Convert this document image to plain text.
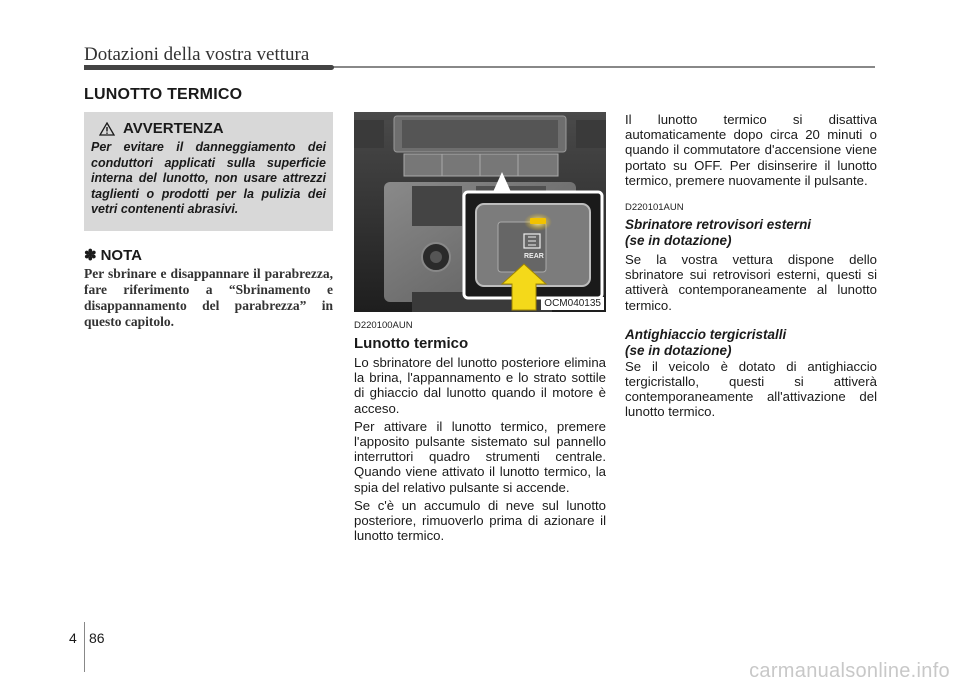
Dotazioni della vostra vettura
LUNOTTO TERMICO
AVVERTENZA
Per evitare il danneggiamento dei conduttori applicati sulla superficie interna del lunotto, non usare attrezzi taglienti o prodotti per la pulizia dei vetri contenenti abrasivi.
✽ NOTA
Per sbrinare e disappannare il parabrezza, fare riferimento a “Sbrinamento e disappannamento del parabrezza” in questo capitolo.
REAR
OCM040135
D220100AUN
Lunotto termico

Lo sbrinatore del lunotto posteriore elimina la brina, l'appannamento e lo strato sottile di ghiaccio dal lunotto quando il motore è acceso.

Per attivare il lunotto termico, premere l'apposito pulsante sistemato sul pannello interruttori quadro strumenti centrale. Quando viene attivato il lunotto termico, la spia del relativo pulsante si accende.

Se c'è un accumulo di neve sul lunotto posteriore, rimuoverlo prima di azionare il lunotto termico.

Il lunotto termico si disattiva automaticamente dopo circa 20 minuti o quando il commutatore d'accensione viene portato su OFF. Per disinserire il lunotto termico, premere nuovamente il pulsante.

D220101AUN
Sbrinatore retrovisori esterni
(se in dotazione)

Se la vostra vettura dispone dello sbrinatore sui retrovisori esterni, questi si attiverà contemporaneamente al lunotto termico.

Antighiaccio tergicristalli
(se in dotazione)

Se il veicolo è dotato di antighiaccio tergicristallo, questi si attiverà contemporaneamente all'attivazione del lunotto termico.

4 86
carmanualsonline.info
